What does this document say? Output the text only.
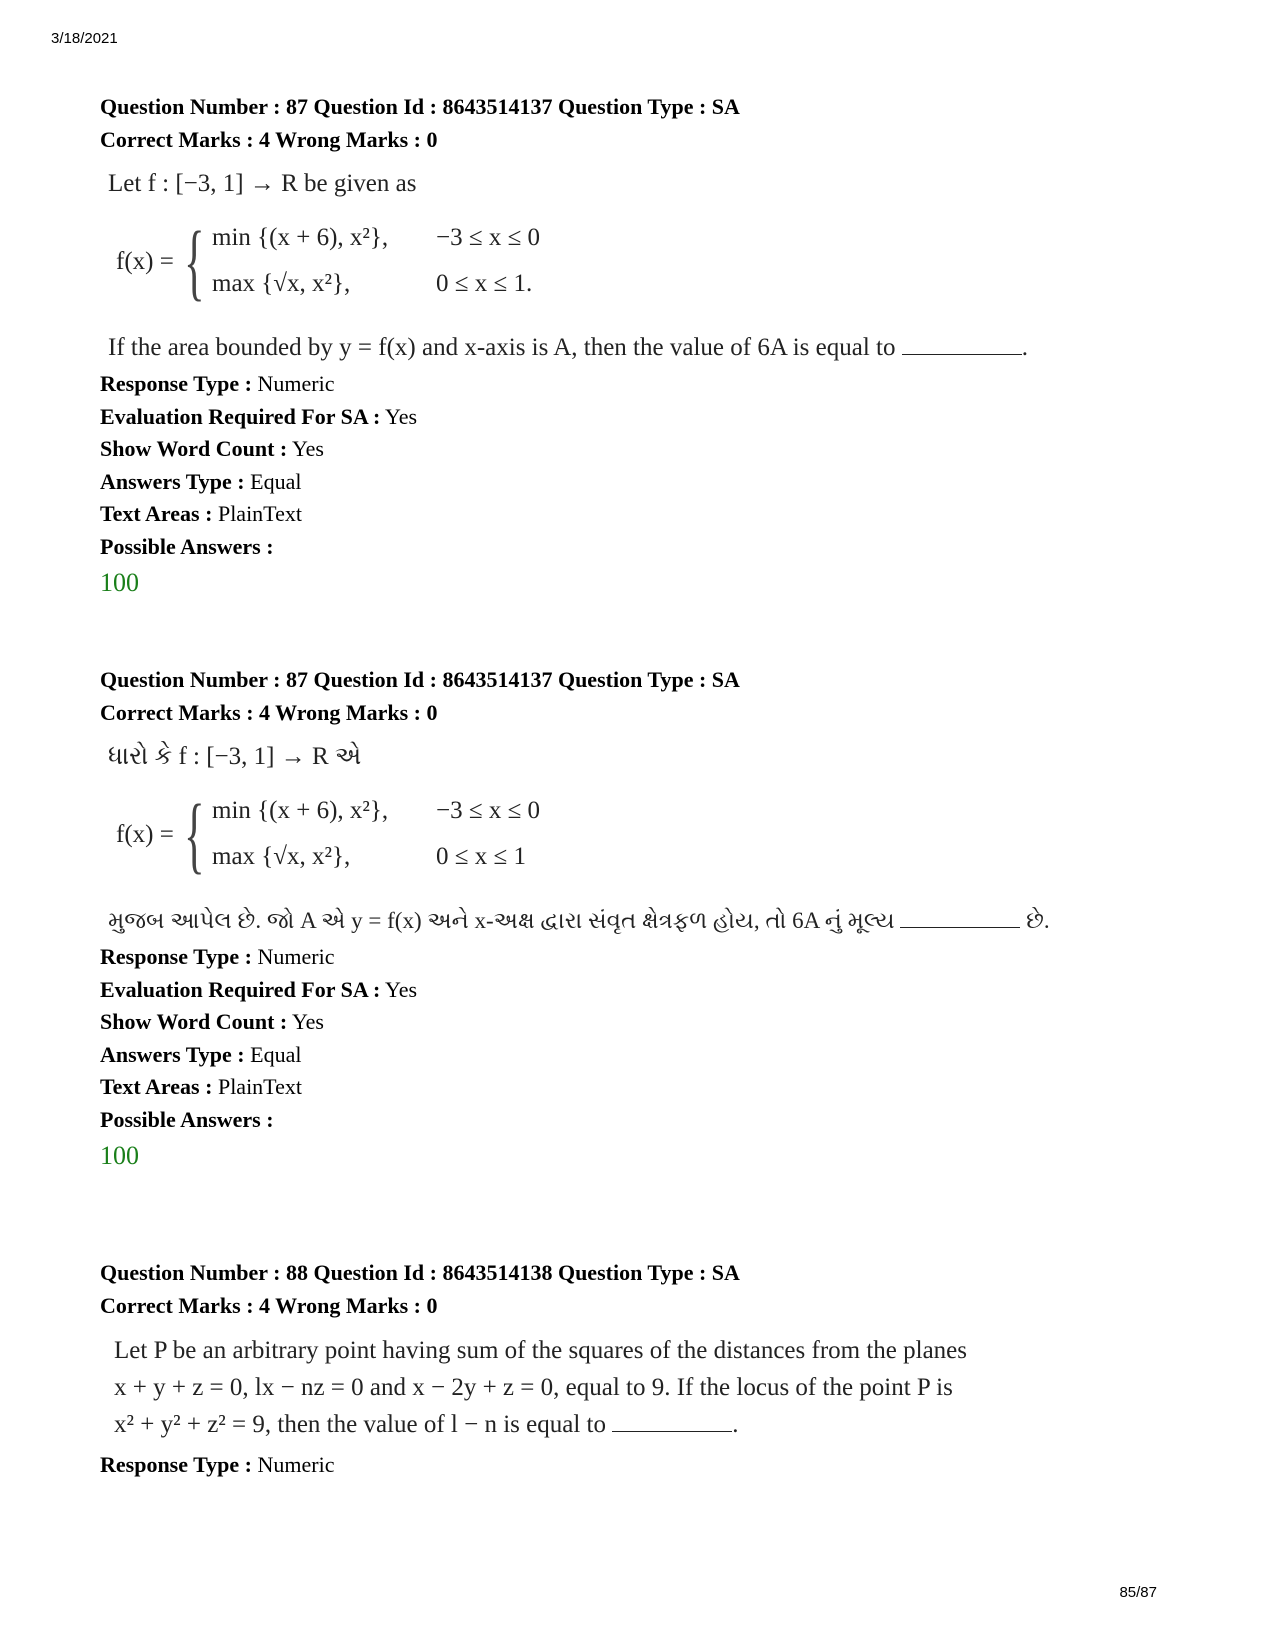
3/18/2021
Question Number : 87 Question Id : 8643514137 Question Type : SA
Correct Marks : 4 Wrong Marks : 0
Let f : [−3, 1] → R be given as
f(x) = { min {(x + 6), x²}, −3 ≤ x ≤ 0
max {√x, x²},	0 ≤ x ≤ 1.
If the area bounded by y = f(x) and x-axis is A, then the value of 6A is equal to	.
Response Type : Numeric
Evaluation Required For SA : Yes
Show Word Count : Yes
Answers Type : Equal
Text Areas : PlainText
Possible Answers :
100
Question Number : 87 Question Id : 8643514137 Question Type : SA
Correct Marks : 4 Wrong Marks : 0
ધારો કે f : [−3, 1] → R એ
f(x) = { min {(x + 6), x²}, −3 ≤ x ≤ 0
max {√x, x²},	0 ≤ x ≤ 1
મુજબ આપેલ છે. જો A એ y = f(x) અને x-અક્ષ દ્વારા સંવૃત ક્ષેત્રફળ હોય, તો 6A નું મૂલ્ય	છે.
Response Type : Numeric
Evaluation Required For SA : Yes
Show Word Count : Yes
Answers Type : Equal
Text Areas : PlainText
Possible Answers :
100
Question Number : 88 Question Id : 8643514138 Question Type : SA
Correct Marks : 4 Wrong Marks : 0
Let P be an arbitrary point having sum of the squares of the distances from the planes
x + y + z = 0, lx − nz = 0 and x − 2y + z = 0, equal to 9. If the locus of the point P is
x² + y² + z² = 9, then the value of l − n is equal to	.
Response Type : Numeric
85/87
